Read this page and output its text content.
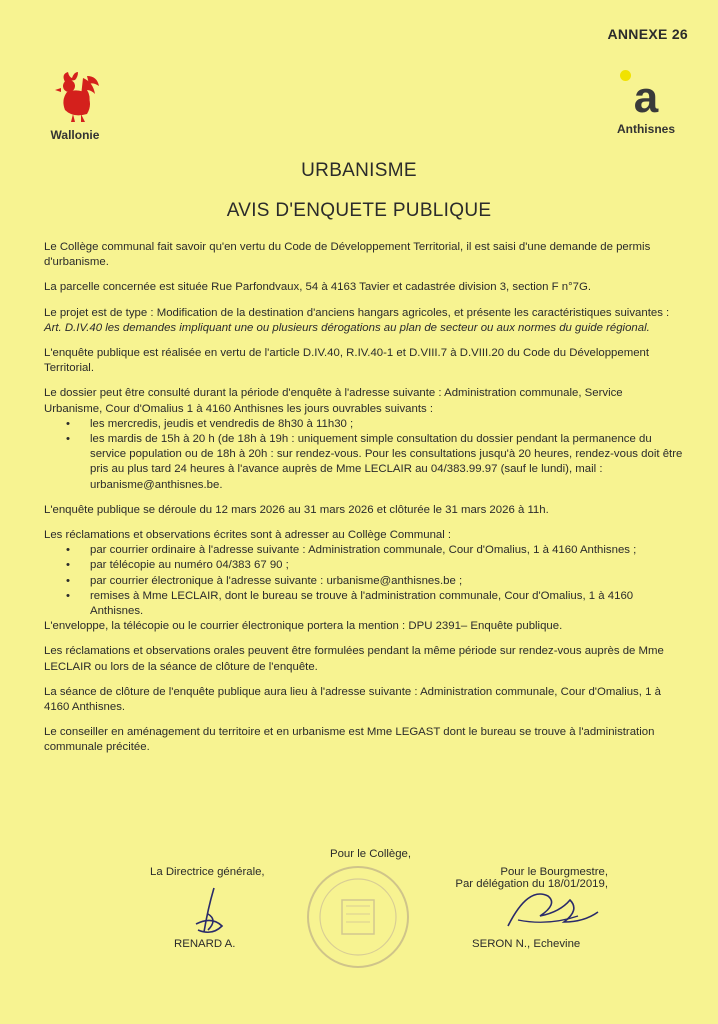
ANNEXE 26
Wallonie
a
Anthisnes
URBANISME
AVIS D'ENQUETE PUBLIQUE

Le Collège communal fait savoir qu'en vertu du Code de Développement Territorial, il est saisi d'une demande de permis d'urbanisme.

La parcelle concernée est située Rue Parfondvaux, 54 à 4163 Tavier et cadastrée division 3, section F n°7G.

Le projet est de type : Modification de la destination d'anciens hangars agricoles, et présente les caractéristiques suivantes : Art. D.IV.40 les demandes impliquant une ou plusieurs dérogations au plan de secteur ou aux normes du guide régional.

L'enquête publique est réalisée en vertu de l'article D.IV.40, R.IV.40-1 et D.VIII.7 à D.VIII.20 du Code du Développement Territorial.

Le dossier peut être consulté durant la période d'enquête à l'adresse suivante : Administration communale, Service Urbanisme, Cour d'Omalius 1 à 4160 Anthisnes les jours ouvrables suivants :
• les mercredis, jeudis et vendredis de 8h30 à 11h30 ;
• les mardis de 15h à 20 h (de 18h à 19h : uniquement simple consultation du dossier pendant la permanence du service population ou de 18h à 20h : sur rendez-vous. Pour les consultations jusqu'à 20 heures, rendez-vous doit être pris au plus tard 24 heures à l'avance auprès de Mme LECLAIR au 04/383.99.97 (sauf le lundi), mail : urbanisme@anthisnes.be.

L'enquête publique se déroule du 12 mars 2026 au 31 mars 2026 et clôturée le 31 mars 2026 à 11h.

Les réclamations et observations écrites sont à adresser au Collège Communal :
• par courrier ordinaire à l'adresse suivante : Administration communale, Cour d'Omalius, 1 à 4160 Anthisnes ;
• par télécopie au numéro 04/383 67 90 ;
• par courrier électronique à l'adresse suivante : urbanisme@anthisnes.be ;
• remises à Mme LECLAIR, dont le bureau se trouve à l'administration communale, Cour d'Omalius, 1 à 4160 Anthisnes.

L'enveloppe, la télécopie ou le courrier électronique portera la mention : DPU 2391– Enquête publique.

Les réclamations et observations orales peuvent être formulées pendant la même période sur rendez-vous auprès de Mme LECLAIR ou lors de la séance de clôture de l'enquête.

La séance de clôture de l'enquête publique aura lieu à l'adresse suivante : Administration communale, Cour d'Omalius, 1 à 4160 Anthisnes.

Le conseiller en aménagement du territoire et en urbanisme est Mme LEGAST dont le bureau se trouve à l'administration communale précitée.

Pour le Collège,
La Directrice générale,
RENARD A.
Pour le Bourgmestre,
Par délégation du 18/01/2019,
SERON N., Echevine
